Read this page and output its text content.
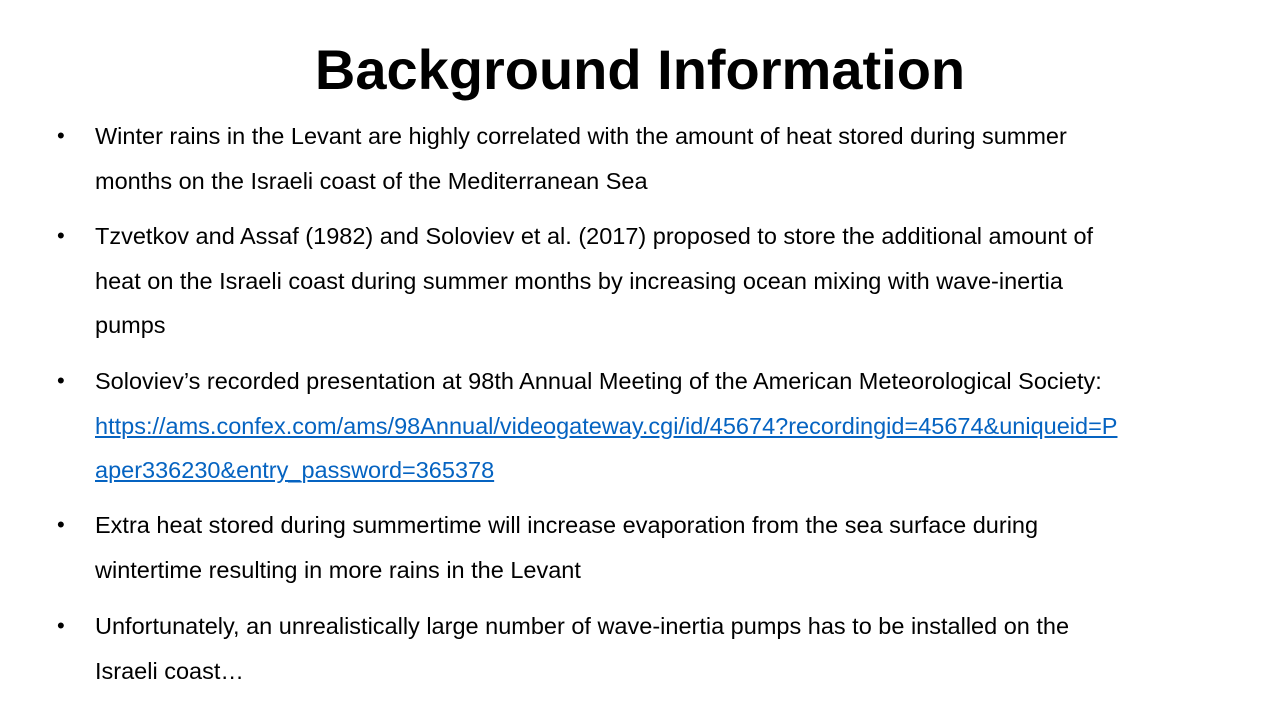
Background Information
• Winter rains in the Levant are highly correlated with the amount of heat stored during summer
months on the Israeli coast of the Mediterranean Sea
• Tzvetkov and Assaf (1982) and Soloviev et al. (2017) proposed to store the additional amount of
heat on the Israeli coast during summer months by increasing ocean mixing with wave-inertia
pumps
• Soloviev’s recorded presentation at 98th Annual Meeting of the American Meteorological Society:
https://ams.confex.com/ams/98Annual/videogateway.cgi/id/45674?recordingid=45674&uniqueid=P
aper336230&entry_password=365378
• Extra heat stored during summertime will increase evaporation from the sea surface during
wintertime resulting in more rains in the Levant
• Unfortunately, an unrealistically large number of wave-inertia pumps has to be installed on the
Israeli coast…
